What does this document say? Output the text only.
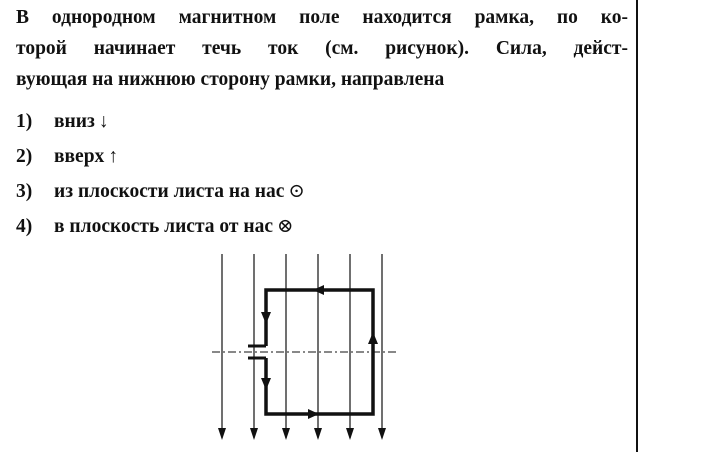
В однородном магнитном поле находится рамка, по ко-
торой начинает течь ток (см. рисунок). Сила, дейст-
вующая на нижнюю сторону рамки, направлена
1) вниз ↓
2) вверх ↑
3) из плоскости листа на нас ⊙
4) в плоскость листа от нас ⊗
